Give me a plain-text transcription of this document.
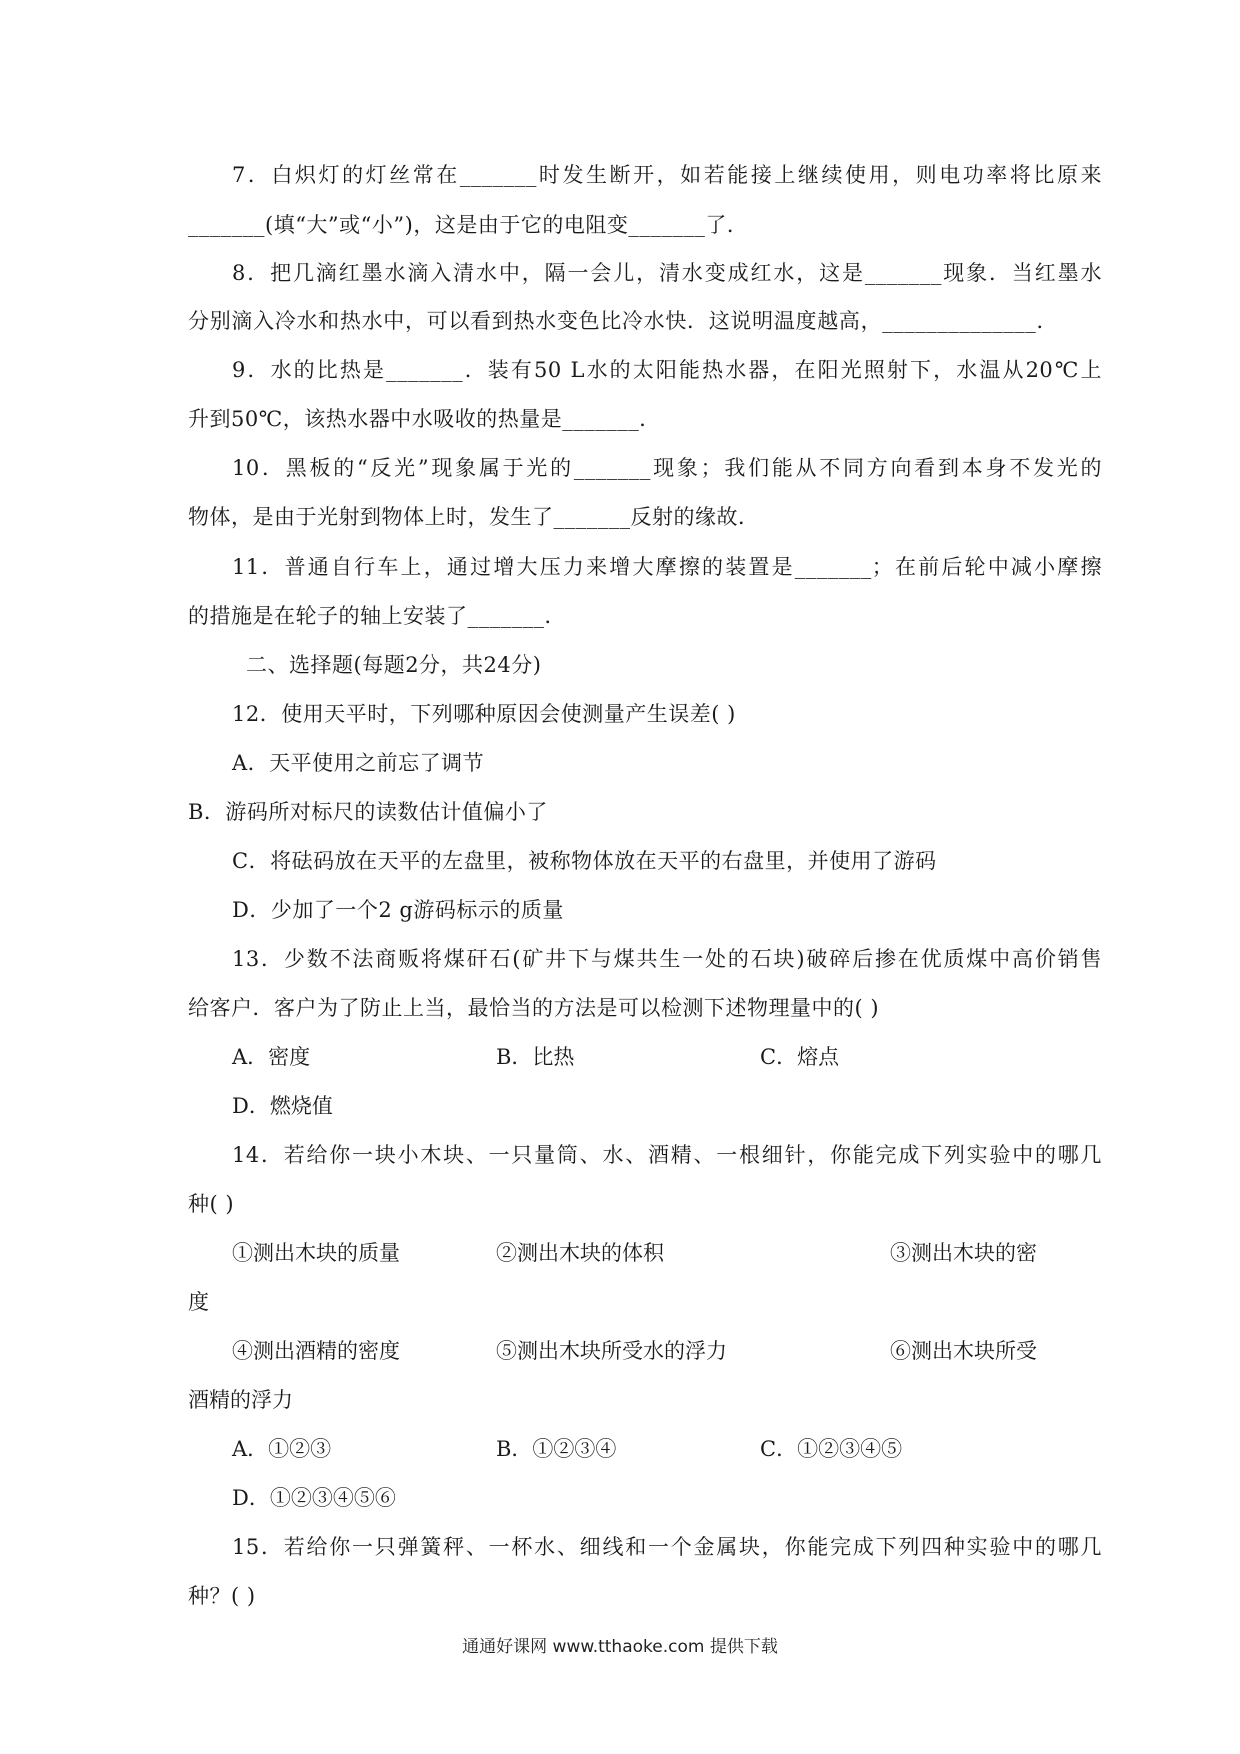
7．白炽灯的灯丝常在_______时发生断开，如若能接上继续使用，则电功率将比原来
_______(填“大”或“小”)，这是由于它的电阻变_______了．
8．把几滴红墨水滴入清水中，隔一会儿，清水变成红水，这是_______现象．当红墨水
分别滴入冷水和热水中，可以看到热水变色比冷水快．这说明温度越高，______________．
9．水的比热是_______．装有50 L水的太阳能热水器，在阳光照射下，水温从20℃上
升到50℃，该热水器中水吸收的热量是_______．
10．黑板的“反光”现象属于光的_______现象；我们能从不同方向看到本身不发光的
物体，是由于光射到物体上时，发生了_______反射的缘故．
11．普通自行车上，通过增大压力来增大摩擦的装置是_______；在前后轮中减小摩擦
的措施是在轮子的轴上安装了_______．
二、选择题(每题2分，共24分)
12．使用天平时，下列哪种原因会使测量产生误差( )
A．天平使用之前忘了调节
B．游码所对标尺的读数估计值偏小了
C．将砝码放在天平的左盘里，被称物体放在天平的右盘里，并使用了游码
D．少加了一个2 g游码标示的质量
13．少数不法商贩将煤矸石(矿井下与煤共生一处的石块)破碎后掺在优质煤中高价销售
给客户．客户为了防止上当，最恰当的方法是可以检测下述物理量中的( )
A．密度	B．比热	C．熔点
D．燃烧值
14．若给你一块小木块、一只量筒、水、酒精、一根细针，你能完成下列实验中的哪几
种( )
①测出木块的质量	②测出木块的体积	③测出木块的密
度
④测出酒精的密度	⑤测出木块所受水的浮力	⑥测出木块所受
酒精的浮力
A．①②③	B．①②③④	C．①②③④⑤
D．①②③④⑤⑥
15．若给你一只弹簧秤、一杯水、细线和一个金属块，你能完成下列四种实验中的哪几
种？( )
通通好课网 www.tthaoke.com 提供下载
